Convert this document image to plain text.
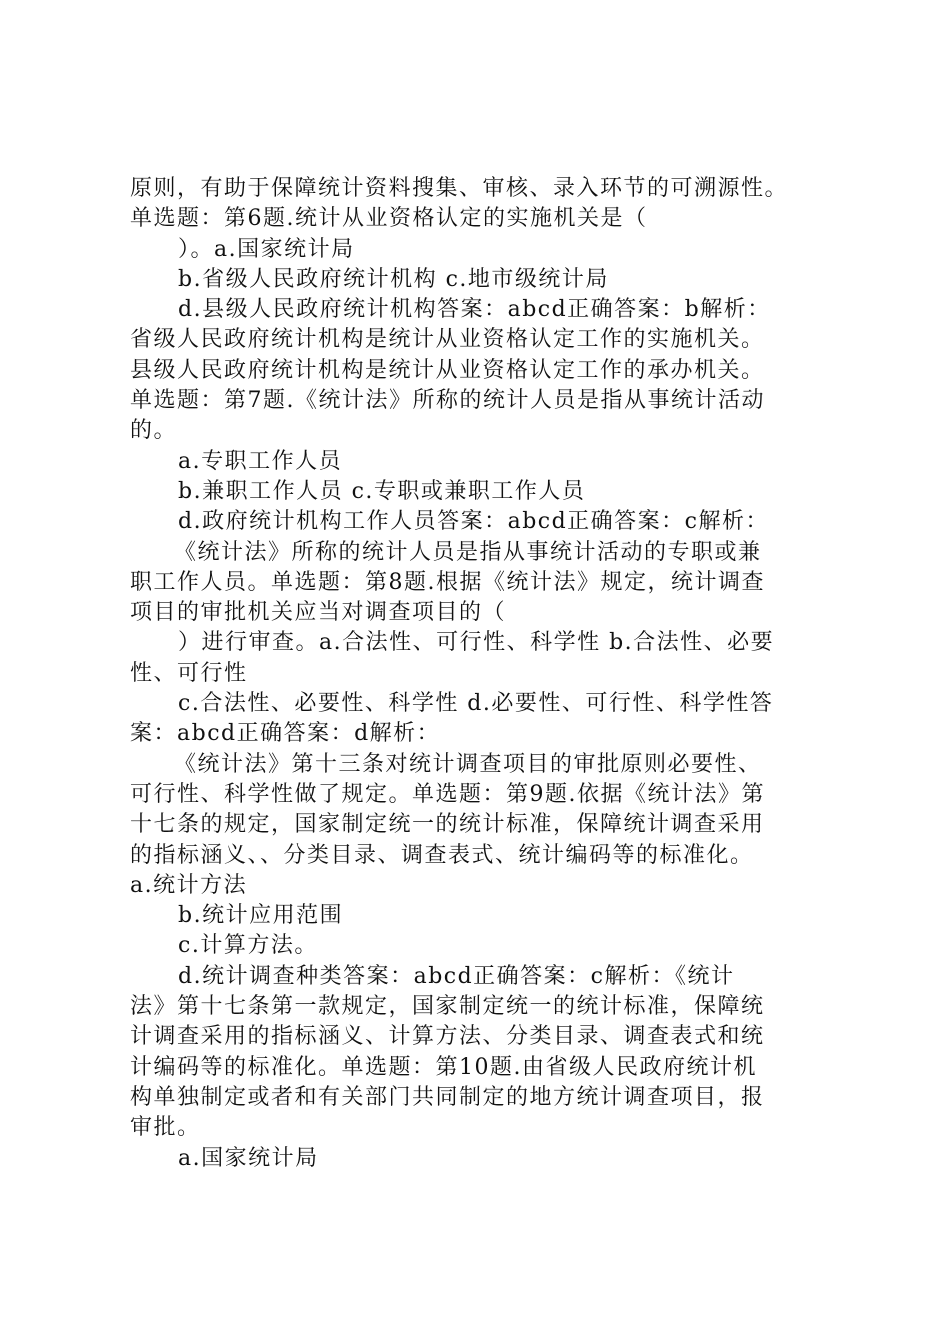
原则，有助于保障统计资料搜集、审核、录入环节的可溯源性。
单选题：第6题.统计从业资格认定的实施机关是（
）。a.国家统计局
b.省级人民政府统计机构 c.地市级统计局
d.县级人民政府统计机构答案：abcd正确答案：b解析：
省级人民政府统计机构是统计从业资格认定工作的实施机关。
县级人民政府统计机构是统计从业资格认定工作的承办机关。
单选题：第7题.《统计法》所称的统计人员是指从事统计活动
的。
a.专职工作人员
b.兼职工作人员 c.专职或兼职工作人员
d.政府统计机构工作人员答案：abcd正确答案：c解析：
《统计法》所称的统计人员是指从事统计活动的专职或兼
职工作人员。单选题：第8题.根据《统计法》规定，统计调查
项目的审批机关应当对调查项目的（
）进行审查。a.合法性、可行性、科学性 b.合法性、必要
性、可行性
c.合法性、必要性、科学性 d.必要性、可行性、科学性答
案：abcd正确答案：d解析：
《统计法》第十三条对统计调查项目的审批原则必要性、
可行性、科学性做了规定。单选题：第9题.依据《统计法》第
十七条的规定，国家制定统一的统计标准，保障统计调查采用
的指标涵义、、分类目录、调查表式、统计编码等的标准化。
a.统计方法
b.统计应用范围
c.计算方法。
d.统计调查种类答案：abcd正确答案：c解析：《统计
法》第十七条第一款规定，国家制定统一的统计标准，保障统
计调查采用的指标涵义、计算方法、分类目录、调查表式和统
计编码等的标准化。单选题：第10题.由省级人民政府统计机
构单独制定或者和有关部门共同制定的地方统计调查项目，报
审批。
a.国家统计局
